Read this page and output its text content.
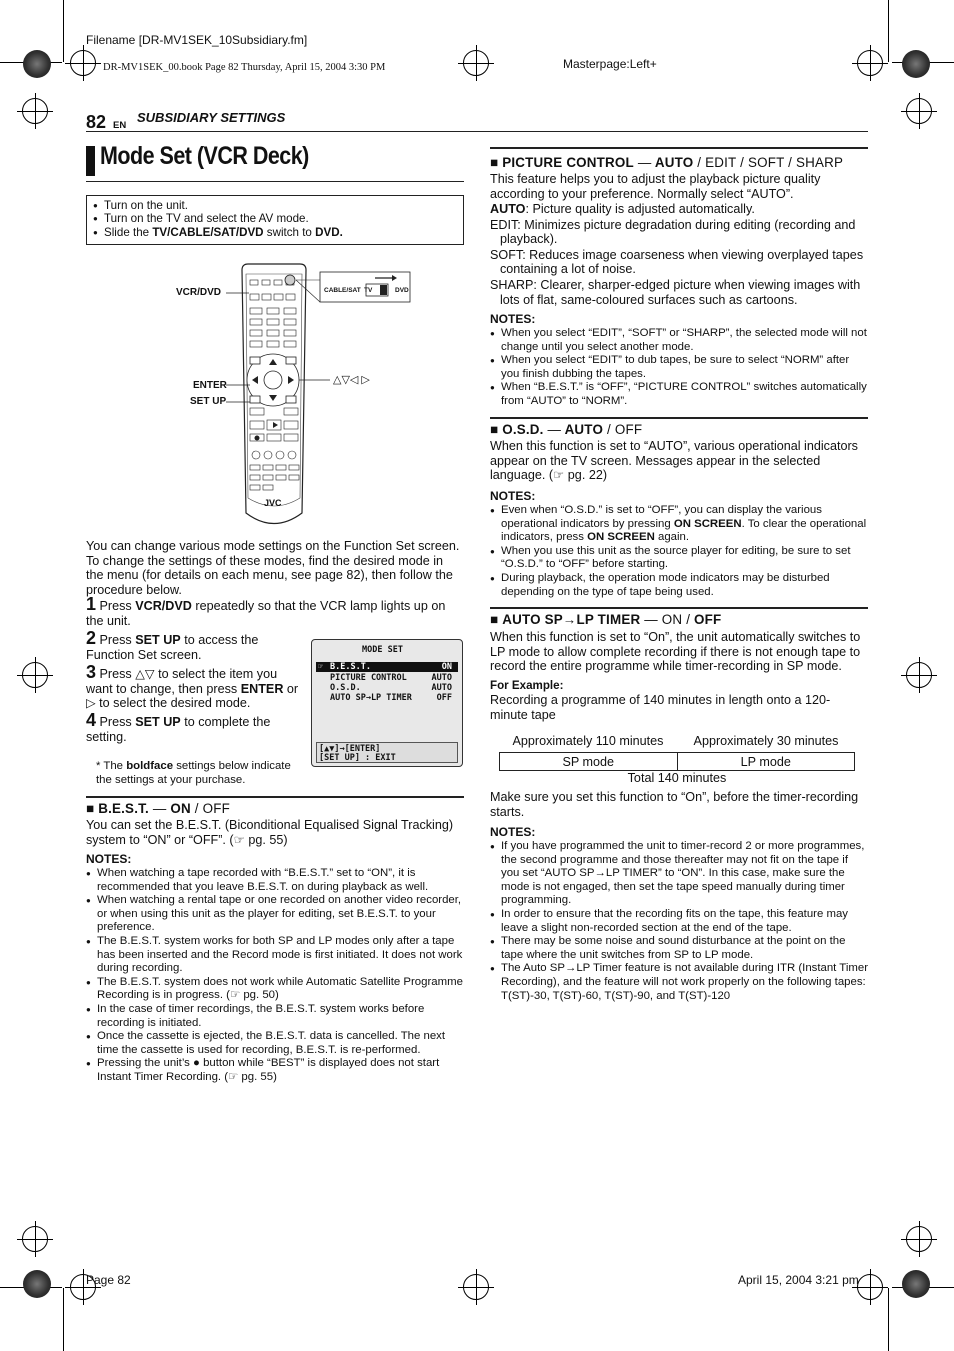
Filename [DR-MV1SEK_10Subsidiary.fm]
DR-MV1SEK_00.book Page 82 Thursday, April 15, 2004 3:30 PM	Masterpage:Left+
82 EN
SUBSIDIARY SETTINGS
Mode Set (VCR Deck)
● Turn on the unit.
● Turn on the TV and select the AV mode.
● Slide the TV/CABLE/SAT/DVD switch to DVD.
VCR/DVD
ENTER
SET UP
△▽◁ ▷
CABLE/SAT TV	DVD
JVC
You can change various mode settings on the Function Set screen. To change the settings of these modes, find the desired mode in the menu (for details on each menu, see page 82), then follow the procedure below.
1 Press VCR/DVD repeatedly so that the VCR lamp lights up on the unit.
2 Press SET UP to access the Function Set screen.
3 Press △▽ to select the item you want to change, then press ENTER or ▷ to select the desired mode.
4 Press SET UP to complete the setting.
* The boldface settings below indicate the settings at your purchase.
MODE SET
☞ B.E.S.T.	ON
PICTURE CONTROL	AUTO
O.S.D.	AUTO
AUTO SP→LP TIMER	OFF
[▲▼]→[ENTER]
[SET UP] : EXIT
■ B.E.S.T. — ON / OFF
You can set the B.E.S.T. (Biconditional Equalised Signal Tracking) system to “ON” or “OFF”. (☞ pg. 55)
NOTES:
● When watching a tape recorded with “B.E.S.T.” set to “ON”, it is recommended that you leave B.E.S.T. on during playback as well.
● When watching a rental tape or one recorded on another video recorder, or when using this unit as the player for editing, set B.E.S.T. to your preference.
● The B.E.S.T. system works for both SP and LP modes only after a tape has been inserted and the Record mode is first initiated. It does not work during recording.
● The B.E.S.T. system does not work while Automatic Satellite Programme Recording is in progress. (☞ pg. 50)
● In the case of timer recordings, the B.E.S.T. system works before recording is initiated.
● Once the cassette is ejected, the B.E.S.T. data is cancelled. The next time the cassette is used for recording, B.E.S.T. is re-performed.
● Pressing the unit’s ● button while “BEST” is displayed does not start Instant Timer Recording. (☞ pg. 55)
■ PICTURE CONTROL — AUTO / EDIT / SOFT / SHARP
This feature helps you to adjust the playback picture quality according to your preference. Normally select “AUTO”.
AUTO: Picture quality is adjusted automatically.
EDIT: Minimizes picture degradation during editing (recording and playback).
SOFT: Reduces image coarseness when viewing overplayed tapes containing a lot of noise.
SHARP: Clearer, sharper-edged picture when viewing images with lots of flat, same-coloured surfaces such as cartoons.
NOTES:
● When you select “EDIT”, “SOFT” or “SHARP”, the selected mode will not change until you select another mode.
● When you select “EDIT” to dub tapes, be sure to select “NORM” after you finish dubbing the tapes.
● When “B.E.S.T.” is “OFF”, “PICTURE CONTROL” switches automatically from “AUTO” to “NORM”.
■ O.S.D. — AUTO / OFF
When this function is set to “AUTO”, various operational indicators appear on the TV screen. Messages appear in the selected language. (☞ pg. 22)
NOTES:
● Even when “O.S.D.” is set to “OFF”, you can display the various operational indicators by pressing ON SCREEN. To clear the operational indicators, press ON SCREEN again.
● When you use this unit as the source player for editing, be sure to set “O.S.D.” to “OFF” before starting.
● During playback, the operation mode indicators may be disturbed depending on the type of tape being used.
■ AUTO SP→LP TIMER — ON / OFF
When this function is set to “On”, the unit automatically switches to LP mode to allow complete recording if there is not enough tape to record the entire programme while timer-recording in SP mode.
For Example:
Recording a programme of 140 minutes in length onto a 120-minute tape
Approximately 110 minutes	Approximately 30 minutes
SP mode	LP mode
Total 140 minutes
Make sure you set this function to “On”, before the timer-recording starts.
NOTES:
● If you have programmed the unit to timer-record 2 or more programmes, the second programme and those thereafter may not fit on the tape if you set “AUTO SP→LP TIMER” to “ON”. In this case, make sure the mode is not engaged, then set the tape speed manually during timer programming.
● In order to ensure that the recording fits on the tape, this feature may leave a slight non-recorded section at the end of the tape.
● There may be some noise and sound disturbance at the point on the tape where the unit switches from SP to LP mode.
● The Auto SP→LP Timer feature is not available during ITR (Instant Timer Recording), and the feature will not work properly on the following tapes: T(ST)-30, T(ST)-60, T(ST)-90, and T(ST)-120
Page 82	April 15, 2004 3:21 pm
